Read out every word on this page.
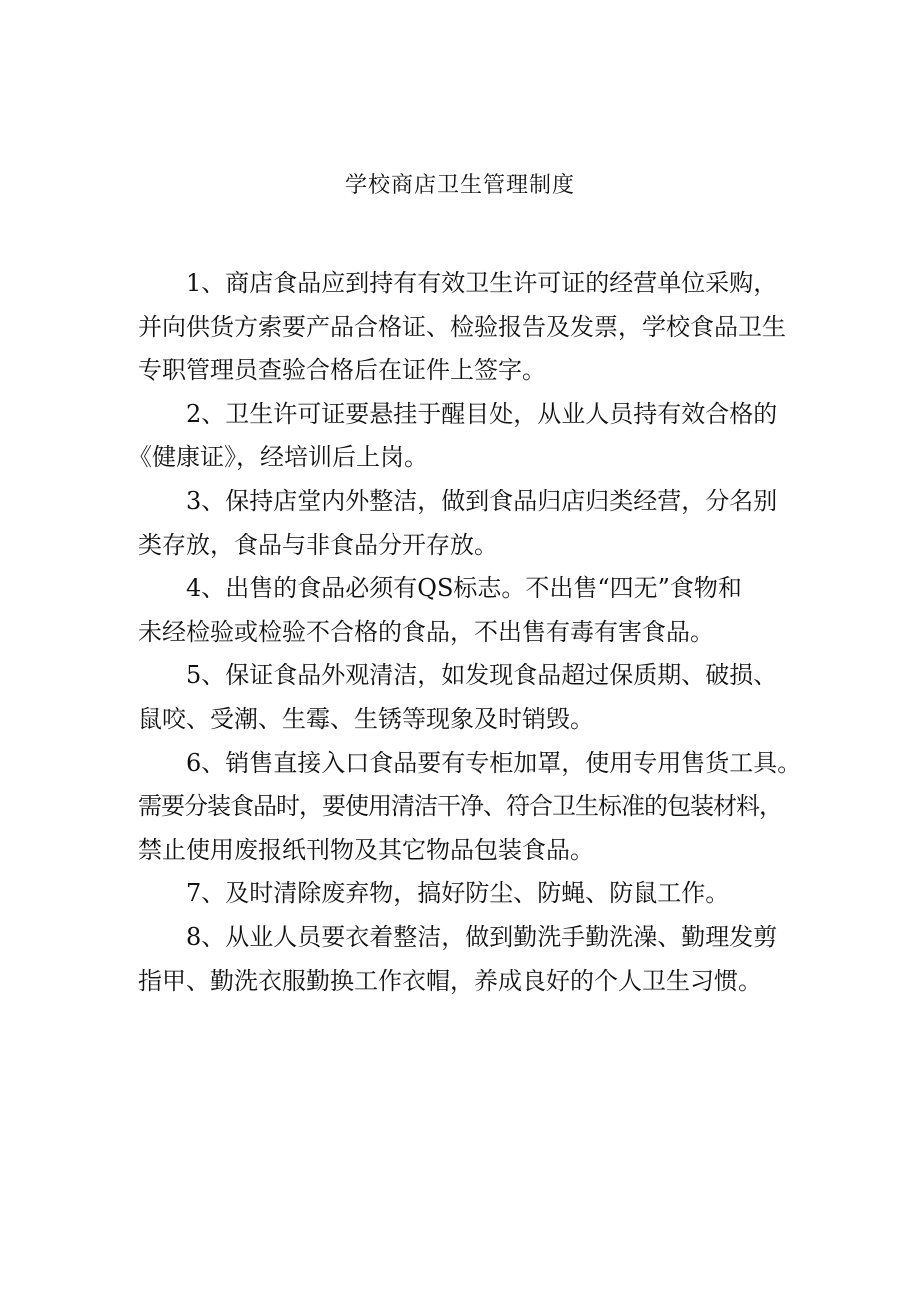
学校商店卫生管理制度
1、商店食品应到持有有效卫生许可证的经营单位采购，
并向供货方索要产品合格证、检验报告及发票，学校食品卫生
专职管理员查验合格后在证件上签字。
2、卫生许可证要悬挂于醒目处，从业人员持有效合格的
《健康证》，经培训后上岗。
3、保持店堂内外整洁，做到食品归店归类经营，分名别
类存放，食品与非食品分开存放。
4、出售的食品必须有QS标志。不出售“四无”食物和
未经检验或检验不合格的食品，不出售有毒有害食品。
5、保证食品外观清洁，如发现食品超过保质期、破损、
鼠咬、受潮、生霉、生锈等现象及时销毁。
6、销售直接入口食品要有专柜加罩，使用专用售货工具。
需要分装食品时，要使用清洁干净、符合卫生标准的包装材料，
禁止使用废报纸刊物及其它物品包装食品。
7、及时清除废弃物，搞好防尘、防蝇、防鼠工作。
8、从业人员要衣着整洁，做到勤洗手勤洗澡、勤理发剪
指甲、勤洗衣服勤换工作衣帽，养成良好的个人卫生习惯。
